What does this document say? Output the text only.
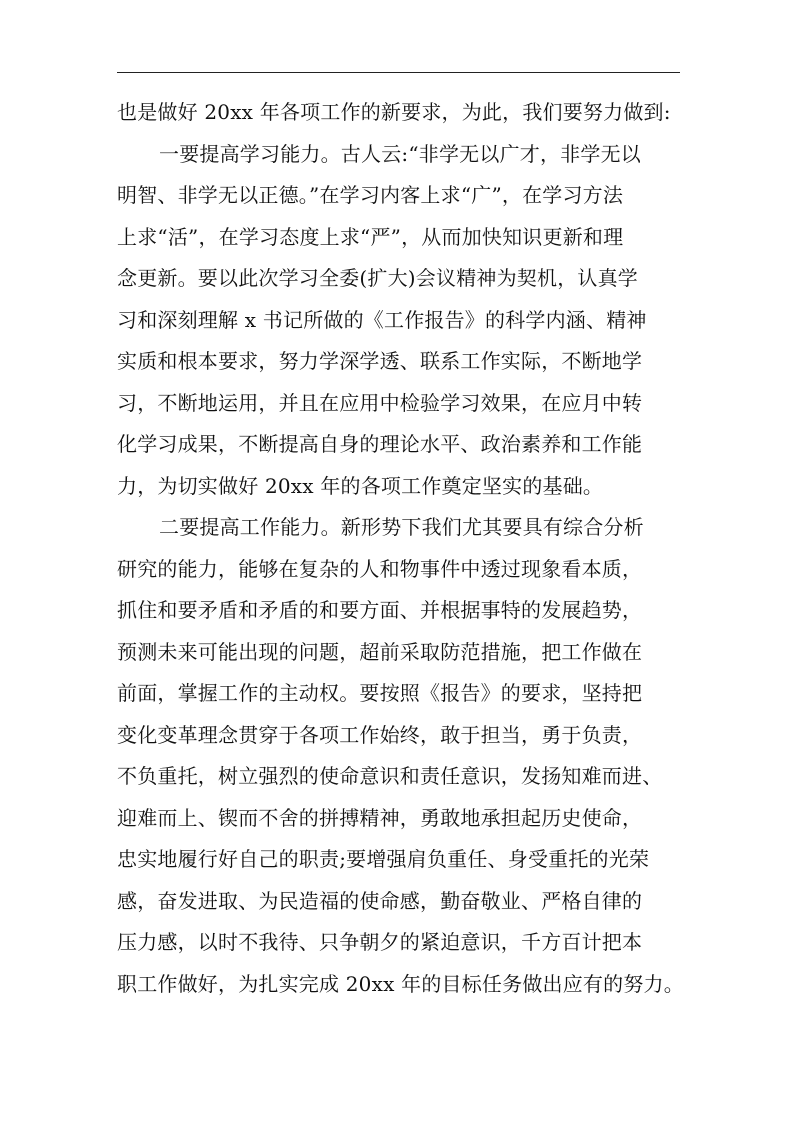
也是做好 20xx 年各项工作的新要求，为此，我们要努力做到:
一要提高学习能力。古人云:“非学无以广才，非学无以
明智、非学无以正德。”在学习内客上求“广”，在学习方法
上求“活”，在学习态度上求“严”，从而加快知识更新和理
念更新。要以此次学习全委(扩大)会议精神为契机，认真学
习和深刻理解 x 书记所做的《工作报告》的科学内涵、精神
实质和根本要求，努力学深学透、联系工作实际，不断地学
习，不断地运用，并且在应用中检验学习效果，在应月中转
化学习成果，不断提高自身的理论水平、政治素养和工作能
力，为切实做好 20xx 年的各项工作奠定坚实的基础。
二要提高工作能力。新形势下我们尤其要具有综合分析
研究的能力，能够在复杂的人和物事件中透过现象看本质，
抓住和要矛盾和矛盾的和要方面、并根据事特的发展趋势，
预测未来可能出现的问题，超前采取防范措施，把工作做在
前面，掌握工作的主动权。要按照《报告》的要求，坚持把
变化变革理念贯穿于各项工作始终，敢于担当，勇于负责，
不负重托，树立强烈的使命意识和责任意识，发扬知难而进、
迎难而上、锲而不舍的拼搏精神，勇敢地承担起历史使命，
忠实地履行好自己的职责;要增强肩负重任、身受重托的光荣
感，奋发进取、为民造福的使命感，勤奋敬业、严格自律的
压力感，以时不我待、只争朝夕的紧迫意识，千方百计把本
职工作做好，为扎实完成 20xx 年的目标任务做出应有的努力。
